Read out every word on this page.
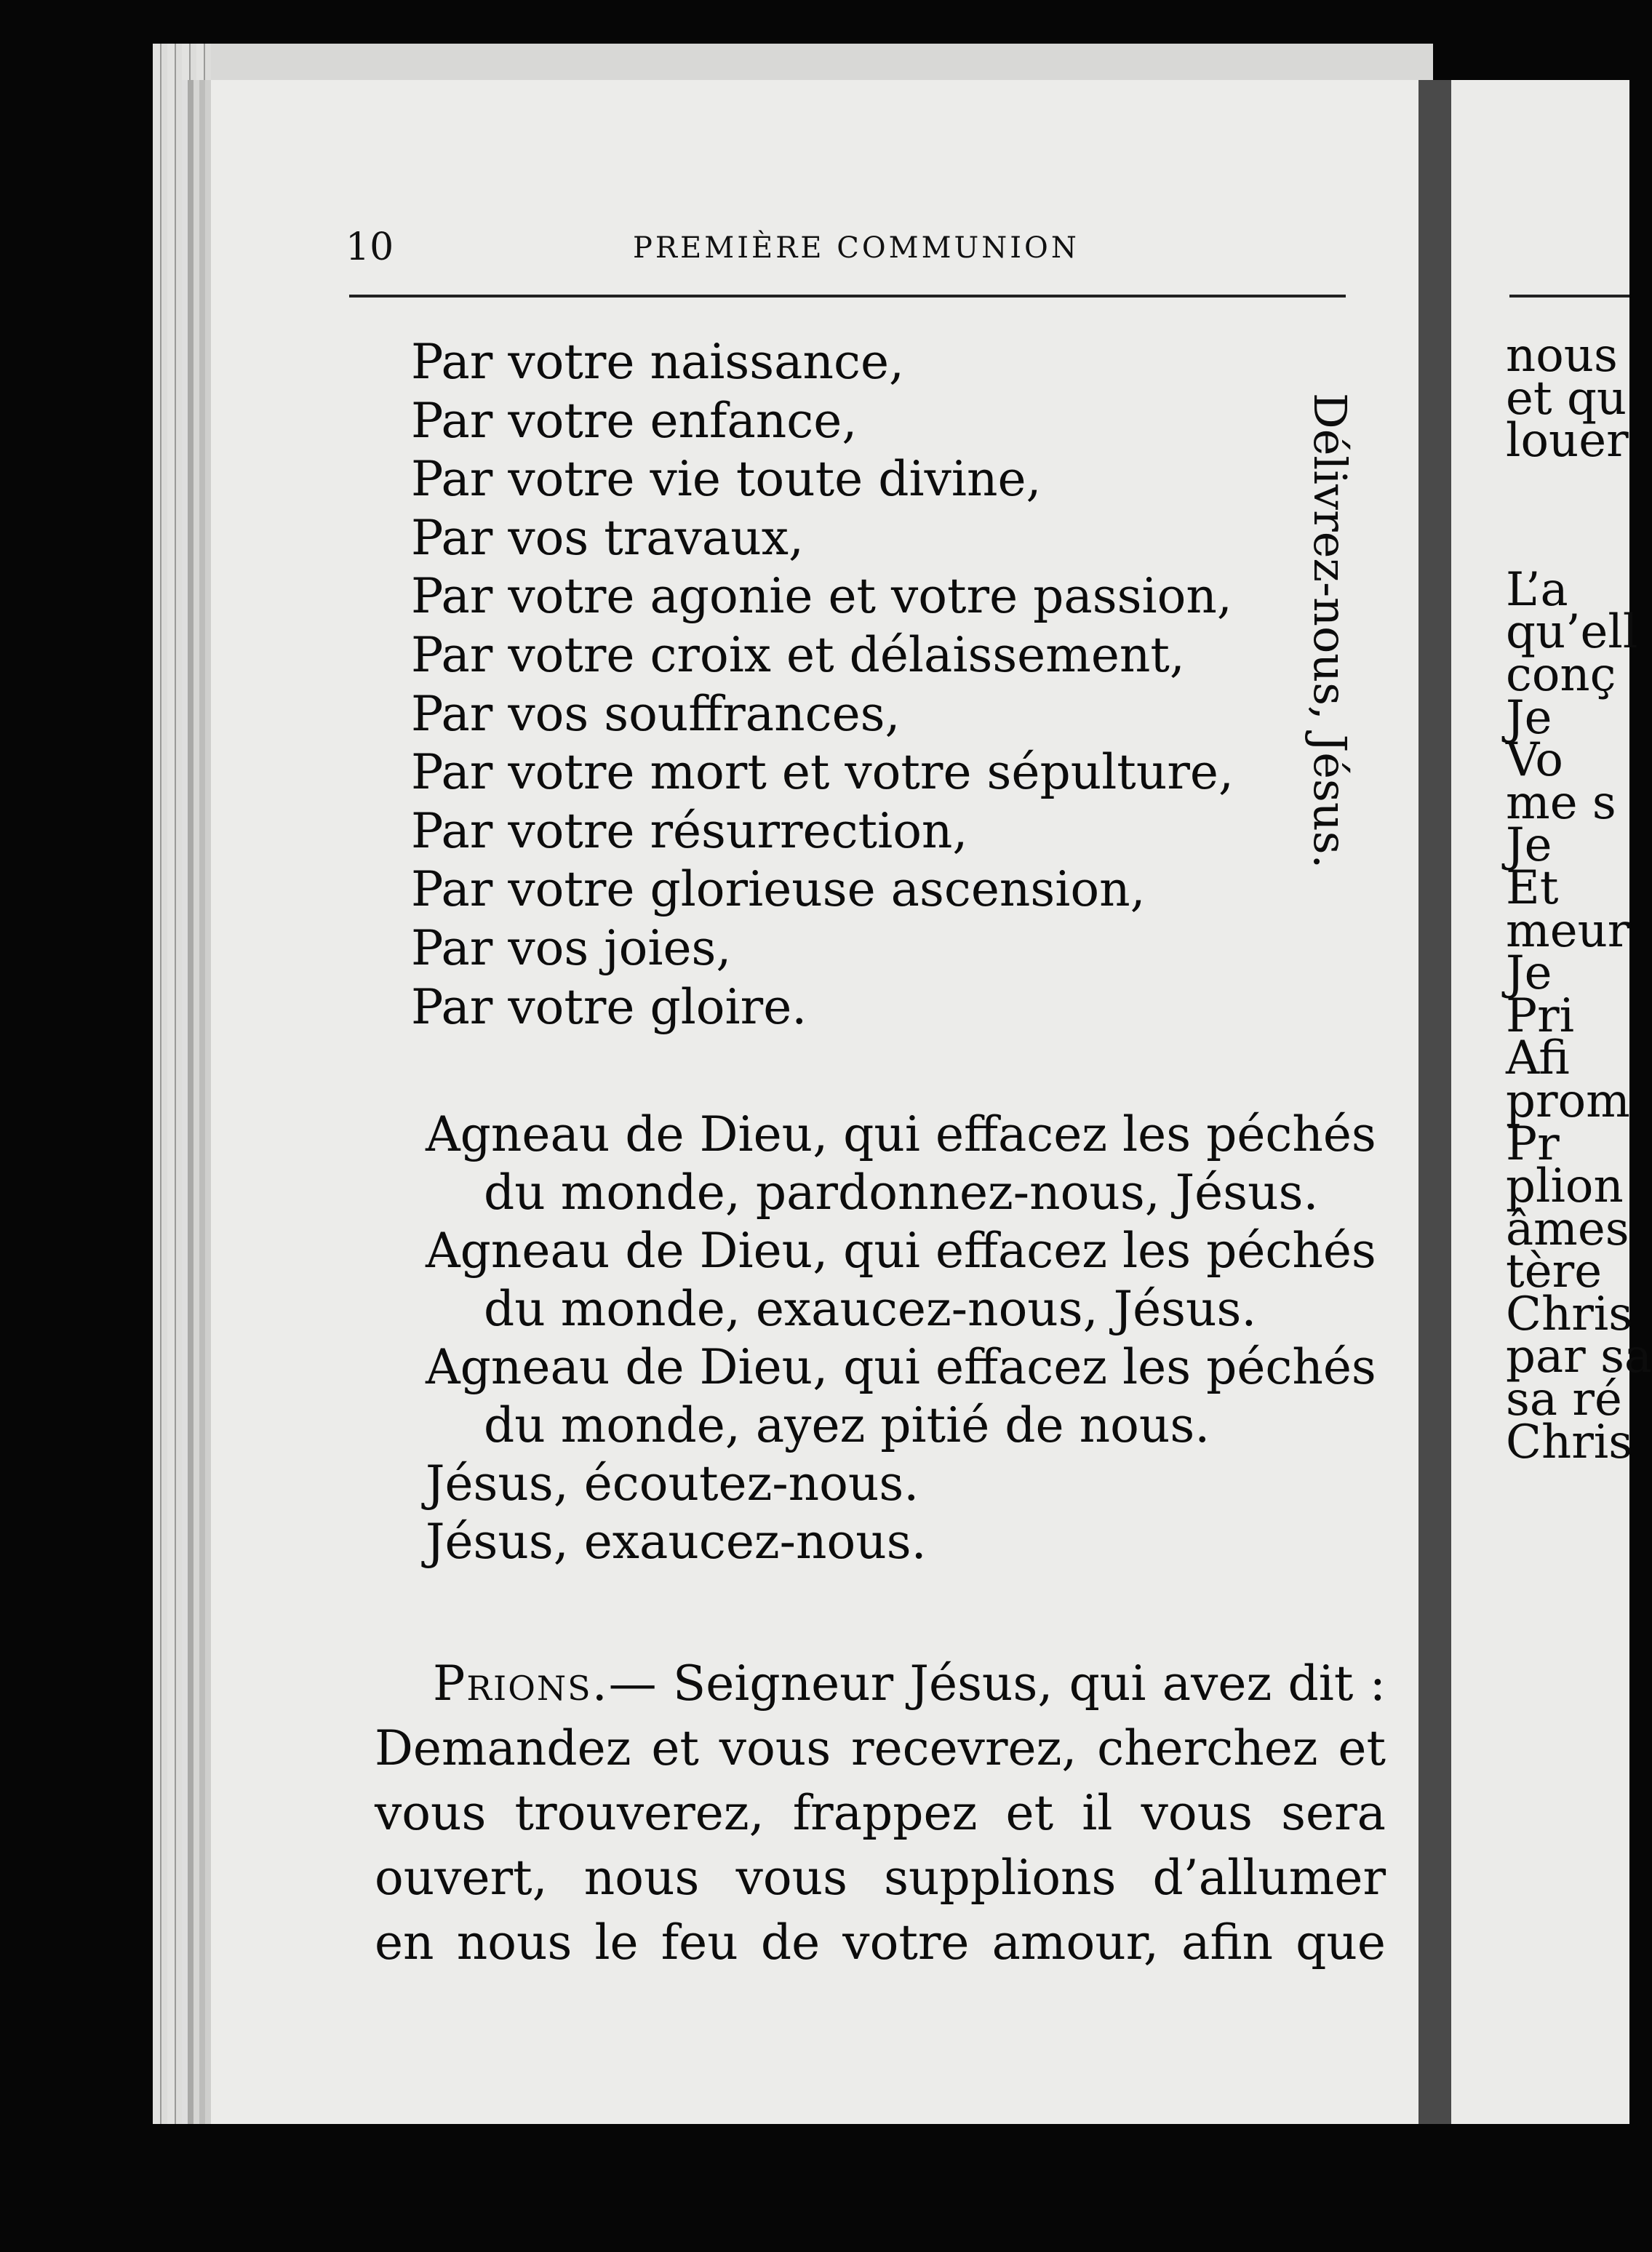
10	PREMIÈRE COMMUNION
Par votre naissance,
Par votre enfance,
Par votre vie toute divine,
Par vos travaux,
Par votre agonie et votre passion,
Par votre croix et délaissement,
Par vos souffrances,
Par votre mort et votre sépulture,
Par votre résurrection,
Par votre glorieuse ascension,
Par vos joies,
Par votre gloire.
Délivrez-nous, Jésus.
Agneau de Dieu, qui effacez les péchés
du monde, pardonnez-nous, Jésus.
Agneau de Dieu, qui effacez les péchés
du monde, exaucez-nous, Jésus.
Agneau de Dieu, qui effacez les péchés
du monde, ayez pitié de nous.
Jésus, écoutez-nous.
Jésus, exaucez-nous.
Prions.— Seigneur Jésus, qui avez dit :
Demandez et vous recevrez, cherchez et
vous trouverez, frappez et il vous sera
ouvert, nous vous supplions d’allumer
en nous le feu de votre amour, afin que
nous
et qu
louer
L’a
qu’ell
conç
Je
Vo
me s
Je
Et
meur
Je
Pri
Afi
prom
Pr
plion
âmes
tère
Chris
par sa
sa ré
Chris
